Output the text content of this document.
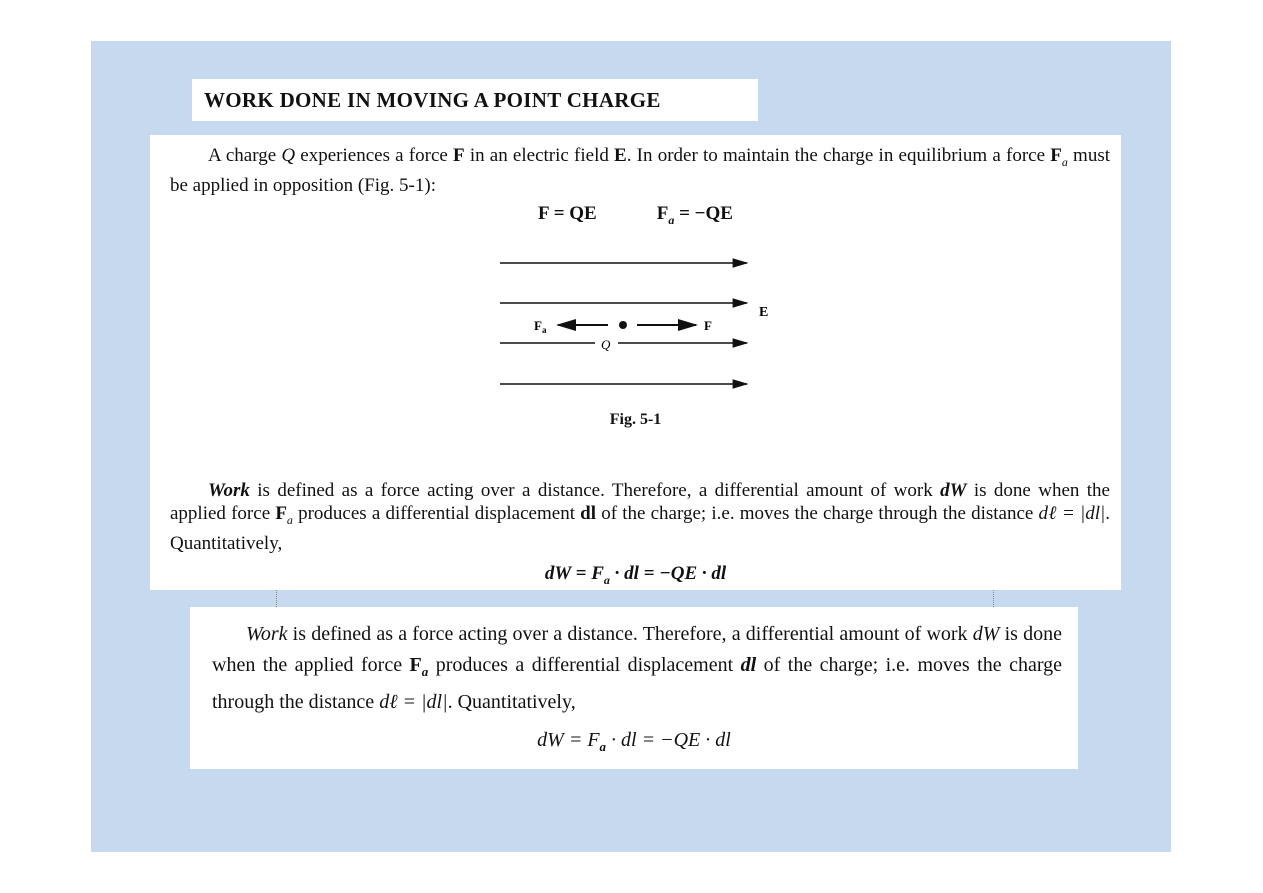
WORK DONE IN MOVING A POINT CHARGE

A charge Q experiences a force F in an electric field E. In order to maintain the charge in equilibrium a force $F_a$ must be applied in opposition (Fig. 5-1):

F = QE	$F_a = -QE$
E
$F_a$	F
Q
Fig. 5-1

Work is defined as a force acting over a distance. Therefore, a differential amount of work dW is done when the applied force $F_a$ produces a differential displacement dl of the charge; i.e. moves the charge through the distance dℓ = |dl|. Quantitatively,

dW = $F_a$ · dl = −QE · dl

Work is defined as a force acting over a distance. Therefore, a differential amount of work dW is done when the applied force $F_a$ produces a differential displacement dl of the charge; i.e. moves the charge through the distance dℓ = |dl|. Quantitatively,

dW = $F_a$ · dl = −QE · dl
